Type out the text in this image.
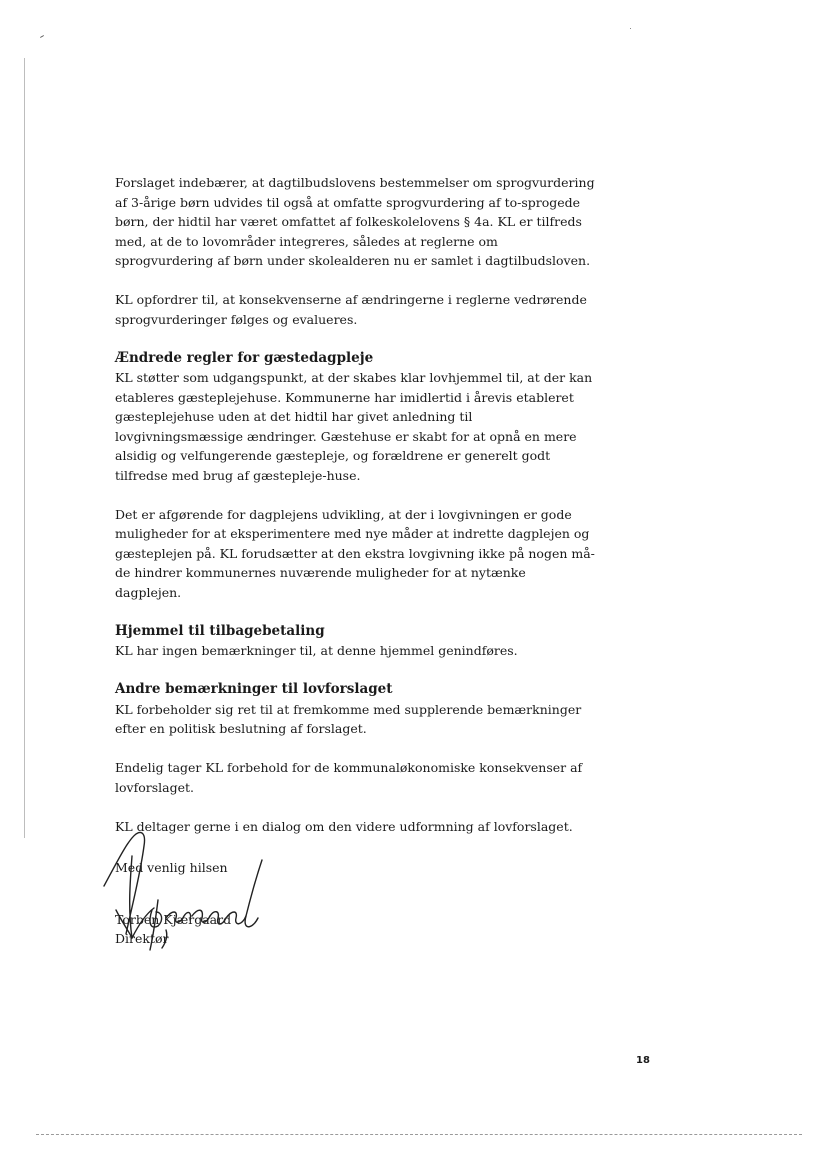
Forslaget indebærer, at dagtilbudslovens bestemmelser om sprogvurdering af 3-årige børn udvides til også at omfatte sprogvurdering af to-sprogede børn, der hidtil har været omfattet af folkeskolelovens § 4a. KL er tilfreds med, at de to lovområder integreres, således at reglerne om sprogvurdering af børn under skolealderen nu er samlet i dagtilbudsloven.

KL opfordrer til, at konsekvenserne af ændringerne i reglerne vedrørende sprogvurderinger følges og evalueres.

Ændrede regler for gæstedagpleje

KL støtter som udgangspunkt, at der skabes klar lovhjemmel til, at der kan etableres gæsteplejehuse. Kommunerne har imidlertid i årevis etableret gæsteplejehuse uden at det hidtil har givet anledning til lovgivningsmæssige ændringer. Gæstehuse er skabt for at opnå en mere alsidig og velfungerende gæstepleje, og forældrene er generelt godt tilfredse med brug af gæstepleje-huse.

Det er afgørende for dagplejens udvikling, at der i lovgivningen er gode muligheder for at eksperimentere med nye måder at indrette dagplejen og gæsteplejen på. KL forudsætter at den ekstra lovgivning ikke på nogen må-de hindrer kommunernes nuværende muligheder for at nytænke dagplejen.

Hjemmel til tilbagebetaling

KL har ingen bemærkninger til, at denne hjemmel genindføres.

Andre bemærkninger til lovforslaget

KL forbeholder sig ret til at fremkomme med supplerende bemærkninger efter en politisk beslutning af forslaget.

Endelig tager KL forbehold for de kommunaløkonomiske konsekvenser af lovforslaget.

KL deltager gerne i en dialog om den videre udformning af lovforslaget.

Med venlig hilsen
Torben Kjærgaard
Direktør
18
